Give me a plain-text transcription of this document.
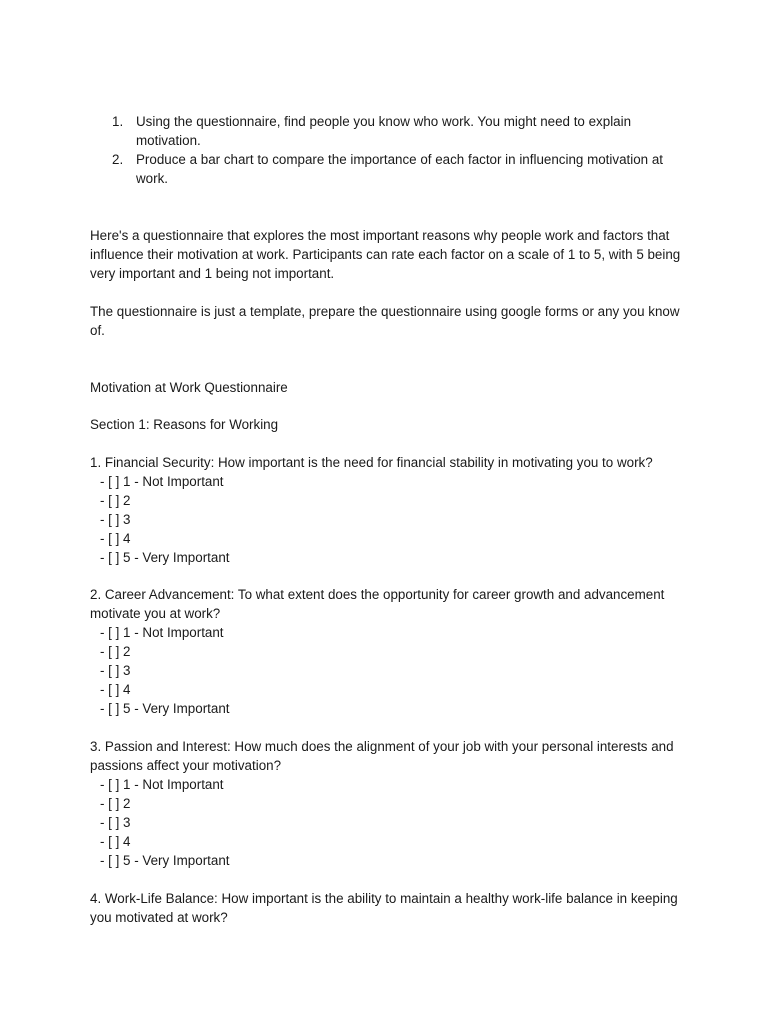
1. Using the questionnaire, find people you know who work. You might need to explain motivation.
2. Produce a bar chart to compare the importance of each factor in influencing motivation at work.

Here's a questionnaire that explores the most important reasons why people work and factors that influence their motivation at work. Participants can rate each factor on a scale of 1 to 5, with 5 being very important and 1 being not important.

The questionnaire is just a template, prepare the questionnaire using google forms or any you know of.

Motivation at Work Questionnaire

Section 1: Reasons for Working

1. Financial Security: How important is the need for financial stability in motivating you to work?

- [ ] 1 - Not Important
- [ ] 2
- [ ] 3
- [ ] 4
- [ ] 5 - Very Important

2. Career Advancement: To what extent does the opportunity for career growth and advancement motivate you at work?

- [ ] 1 - Not Important
- [ ] 2
- [ ] 3
- [ ] 4
- [ ] 5 - Very Important

3. Passion and Interest: How much does the alignment of your job with your personal interests and passions affect your motivation?

- [ ] 1 - Not Important
- [ ] 2
- [ ] 3
- [ ] 4
- [ ] 5 - Very Important

4. Work-Life Balance: How important is the ability to maintain a healthy work-life balance in keeping you motivated at work?
